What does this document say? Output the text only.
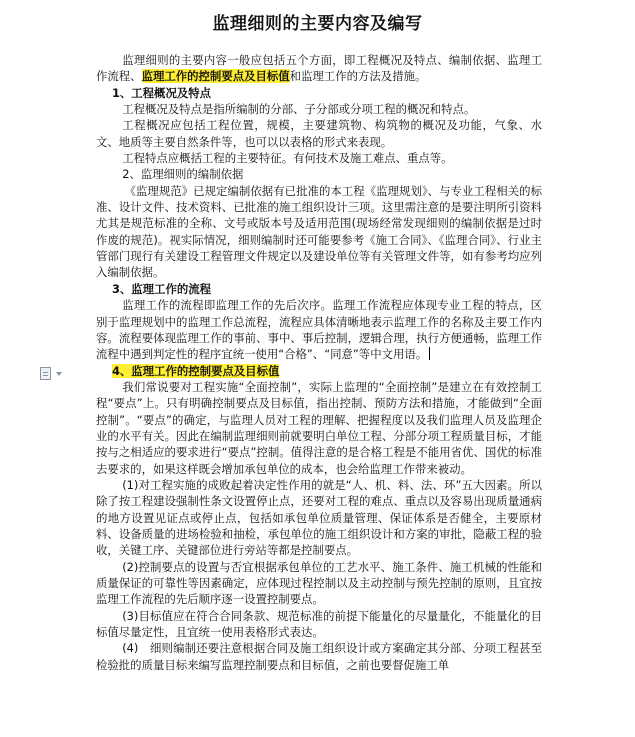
监理细则的主要内容及编写

监理细则的主要内容一般应包括五个方面，即工程概况及特点、编制依据、监理工作流程、监理工作的控制要点及目标值和监理工作的方法及措施。

1、工程概况及特点

工程概况及特点是指所编制的分部、子分部或分项工程的概况和特点。

工程概况应包括工程位置，规模，主要建筑物、构筑物的概况及功能，气象、水文、地质等主要自然条件等，也可以以表格的形式来表现。

工程特点应概括工程的主要特征。有何技术及施工难点、重点等。

2、监理细则的编制依据

《监理规范》已规定编制依据有已批准的本工程《监理规划》、与专业工程相关的标准、设计文件、技术资料、已批准的施工组织设计三项。这里需注意的是要注明所引资料尤其是规范标准的全称、文号或版本号及适用范围(现场经常发现细则的编制依据是过时作废的规范)。视实际情况，细则编制时还可能要参考《施工合同》、《监理合同》、行业主管部门现行有关建设工程管理文件规定以及建设单位等有关管理文件等，如有参考均应列入编制依据。

3、监理工作的流程

监理工作的流程即监理工作的先后次序。监理工作流程应体现专业工程的特点，区别于监理规划中的监理工作总流程，流程应具体清晰地表示监理工作的名称及主要工作内容。流程要体现监理工作的事前、事中、事后控制，逻辑合理，执行方便通畅，监理工作流程中遇到判定性的程序宜统一使用“合格”、“同意”等中文用语。

4、监理工作的控制要点及目标值

我们常说要对工程实施“全面控制”，实际上监理的“全面控制”是建立在有效控制工程“要点”上。只有明确控制要点及目标值，指出控制、预防方法和措施，才能做到“全面控制”。“要点”的确定，与监理人员对工程的理解、把握程度以及我们监理人员及监理企业的水平有关。因此在编制监理细则前就要明白单位工程、分部分项工程质量目标，才能按与之相适应的要求进行“要点”控制。值得注意的是合格工程是不能用省优、国优的标准去要求的，如果这样既会增加承包单位的成本，也会给监理工作带来被动。

(1)对工程实施的成败起着决定性作用的就是“人、机、料、法、环”五大因素。所以除了按工程建设强制性条文设置停止点，还要对工程的难点、重点以及容易出现质量通病的地方设置见证点或停止点，包括如承包单位质量管理、保证体系是否健全，主要原材料、设备质量的进场检验和抽检，承包单位的施工组织设计和方案的审批，隐蔽工程的验收，关键工序、关键部位进行旁站等都是控制要点。

(2)控制要点的设置与否宜根据承包单位的工艺水平、施工条件、施工机械的性能和质量保证的可靠性等因素确定，应体现过程控制以及主动控制与预先控制的原则，且宜按监理工作流程的先后顺序逐一设置控制要点。

(3)目标值应在符合合同条款、规范标准的前提下能量化的尽量量化，不能量化的目标值尽量定性，且宜统一使用表格形式表达。

(4)　细则编制还要注意根据合同及施工组织设计或方案确定其分部、分项工程甚至检验批的质量目标来编写监理控制要点和目标值，之前也要督促施工单
